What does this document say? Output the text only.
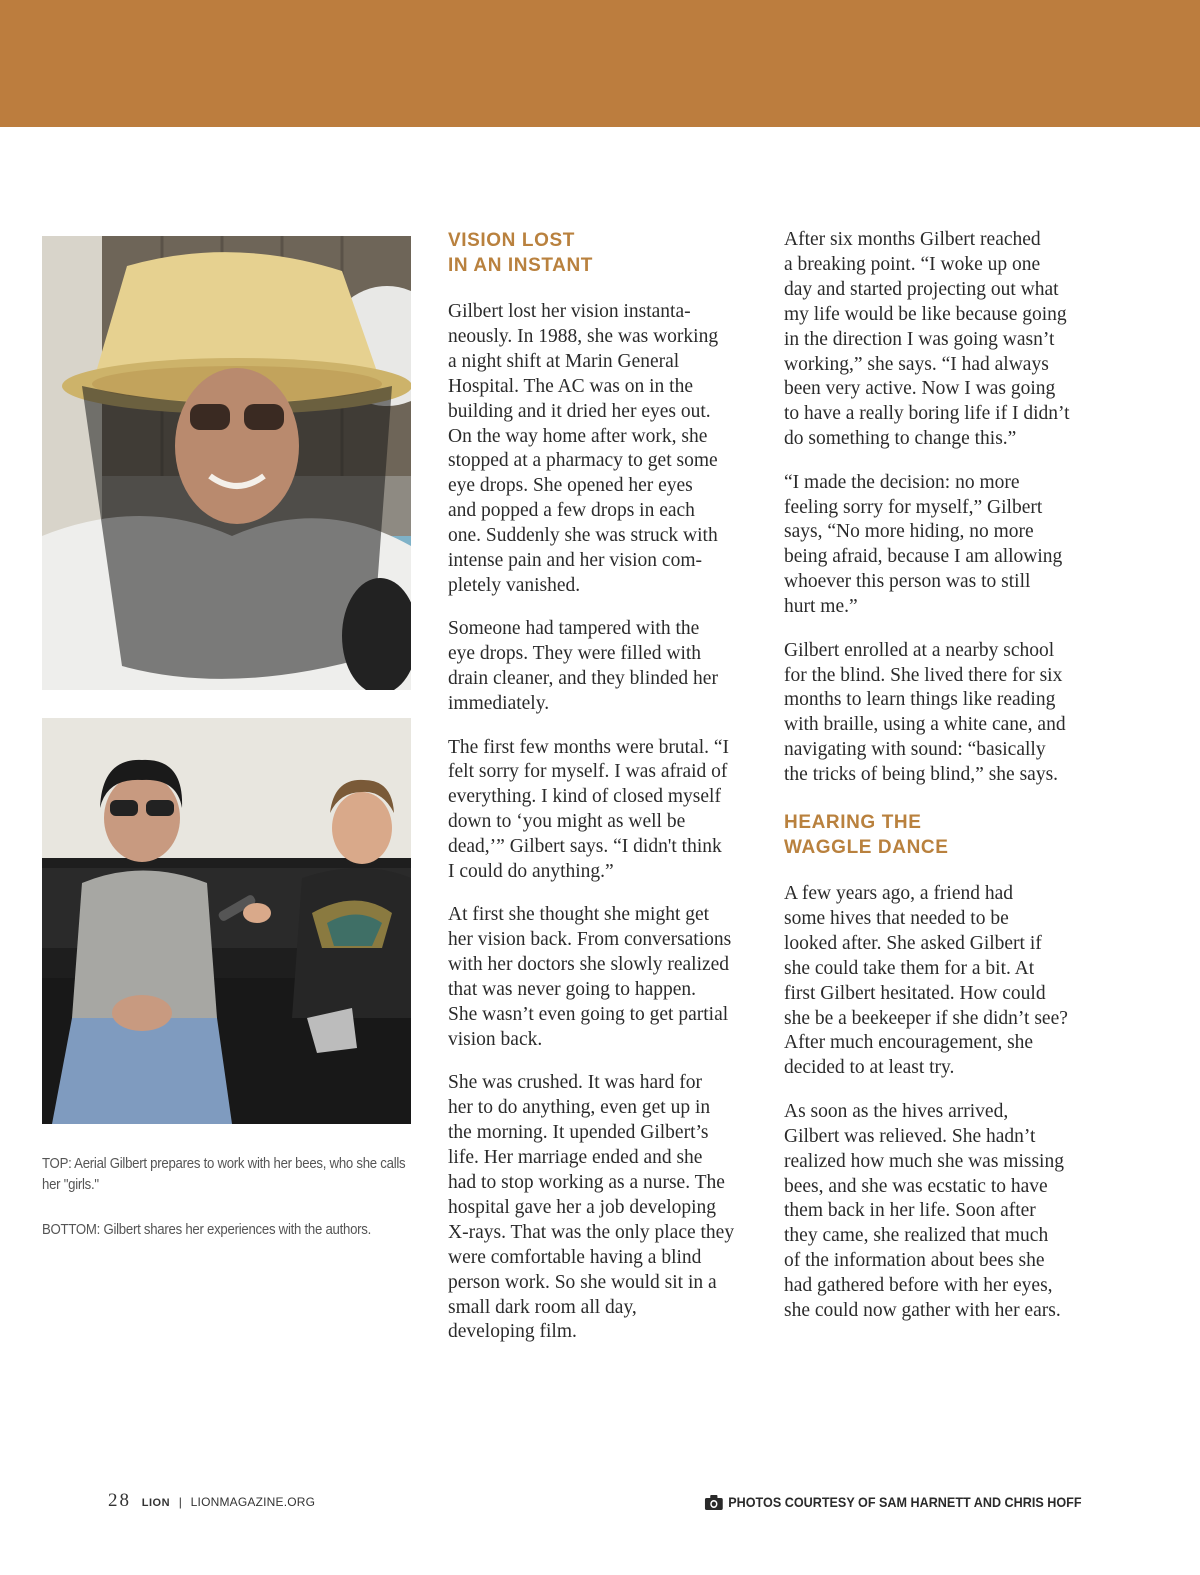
TOP: Aerial Gilbert prepares to work with her bees, who she calls her "girls."
BOTTOM: Gilbert shares her experiences with the authors.
VISION LOST
IN AN INSTANT

Gilbert lost her vision instanta-
neously. In 1988, she was working
a night shift at Marin General
Hospital. The AC was on in the
building and it dried her eyes out.
On the way home after work, she
stopped at a pharmacy to get some
eye drops. She opened her eyes
and popped a few drops in each
one. Suddenly she was struck with
intense pain and her vision com-
pletely vanished.

Someone had tampered with the
eye drops. They were filled with
drain cleaner, and they blinded her
immediately.

The first few months were brutal. “I
felt sorry for myself. I was afraid of
everything. I kind of closed myself
down to ‘you might as well be
dead,’” Gilbert says. “I didn't think
I could do anything.”

At first she thought she might get
her vision back. From conversations
with her doctors she slowly realized
that was never going to happen.
She wasn’t even going to get partial
vision back.

She was crushed. It was hard for
her to do anything, even get up in
the morning. It upended Gilbert’s
life. Her marriage ended and she
had to stop working as a nurse. The
hospital gave her a job developing
X-rays. That was the only place they
were comfortable having a blind
person work. So she would sit in a
small dark room all day,
developing film.

After six months Gilbert reached
a breaking point. “I woke up one
day and started projecting out what
my life would be like because going
in the direction I was going wasn’t
working,” she says. “I had always
been very active. Now I was going
to have a really boring life if I didn’t
do something to change this.”

“I made the decision: no more
feeling sorry for myself,” Gilbert
says, “No more hiding, no more
being afraid, because I am allowing
whoever this person was to still
hurt me.”

Gilbert enrolled at a nearby school
for the blind. She lived there for six
months to learn things like reading
with braille, using a white cane, and
navigating with sound: “basically
the tricks of being blind,” she says.

HEARING THE
WAGGLE DANCE

A few years ago, a friend had
some hives that needed to be
looked after. She asked Gilbert if
she could take them for a bit. At
first Gilbert hesitated. How could
she be a beekeeper if she didn’t see?
After much encouragement, she
decided to at least try.

As soon as the hives arrived,
Gilbert was relieved. She hadn’t
realized how much she was missing
bees, and she was ecstatic to have
them back in her life. Soon after
they came, she realized that much
of the information about bees she
had gathered before with her eyes,
she could now gather with her ears.

28 LION | LIONMAGAZINE.ORG	PHOTOS COURTESY OF SAM HARNETT AND CHRIS HOFF
